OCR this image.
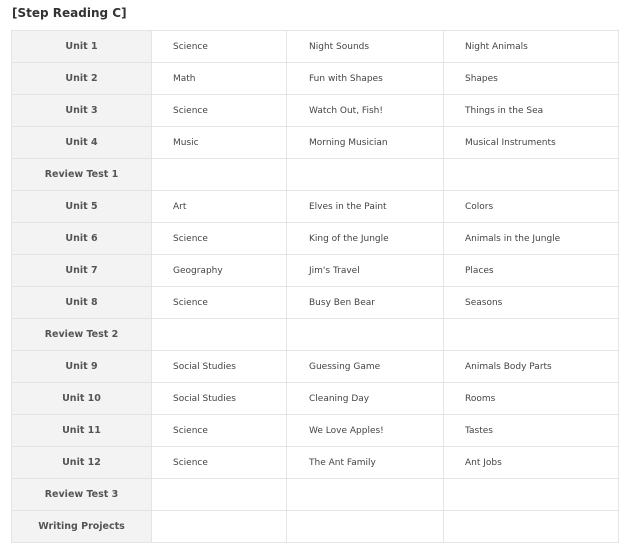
[Step Reading C]
Unit 1	Science	Night Sounds	Night Animals
Unit 2	Math	Fun with Shapes	Shapes
Unit 3	Science	Watch Out, Fish!	Things in the Sea
Unit 4	Music	Morning Musician	Musical Instruments
Review Test 1			
Unit 5	Art	Elves in the Paint	Colors
Unit 6	Science	King of the Jungle	Animals in the Jungle
Unit 7	Geography	Jim's Travel	Places
Unit 8	Science	Busy Ben Bear	Seasons
Review Test 2			
Unit 9	Social Studies	Guessing Game	Animals Body Parts
Unit 10	Social Studies	Cleaning Day	Rooms
Unit 11	Science	We Love Apples!	Tastes
Unit 12	Science	The Ant Family	Ant Jobs
Review Test 3			
Writing Projects			
